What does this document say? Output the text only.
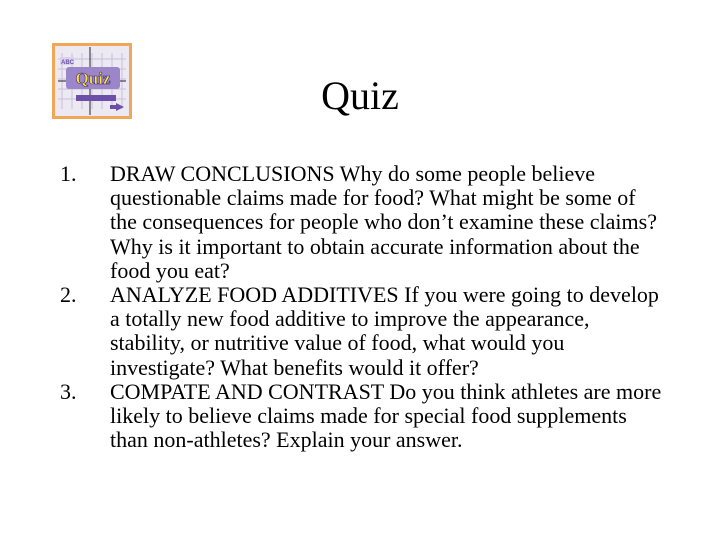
ABC
Quiz	Quiz
1.	DRAW CONCLUSIONS Why do some people believe questionable claims made for food? What might be some of the consequences for people who don’t examine these claims? Why is it important to obtain accurate information about the food you eat?
2.	ANALYZE FOOD ADDITIVES If you were going to develop a totally new food additive to improve the appearance, stability, or nutritive value of food, what would you investigate? What benefits would it offer?
3.	COMPATE AND CONTRAST Do you think athletes are more likely to believe claims made for special food supplements than non-athletes? Explain your answer.
